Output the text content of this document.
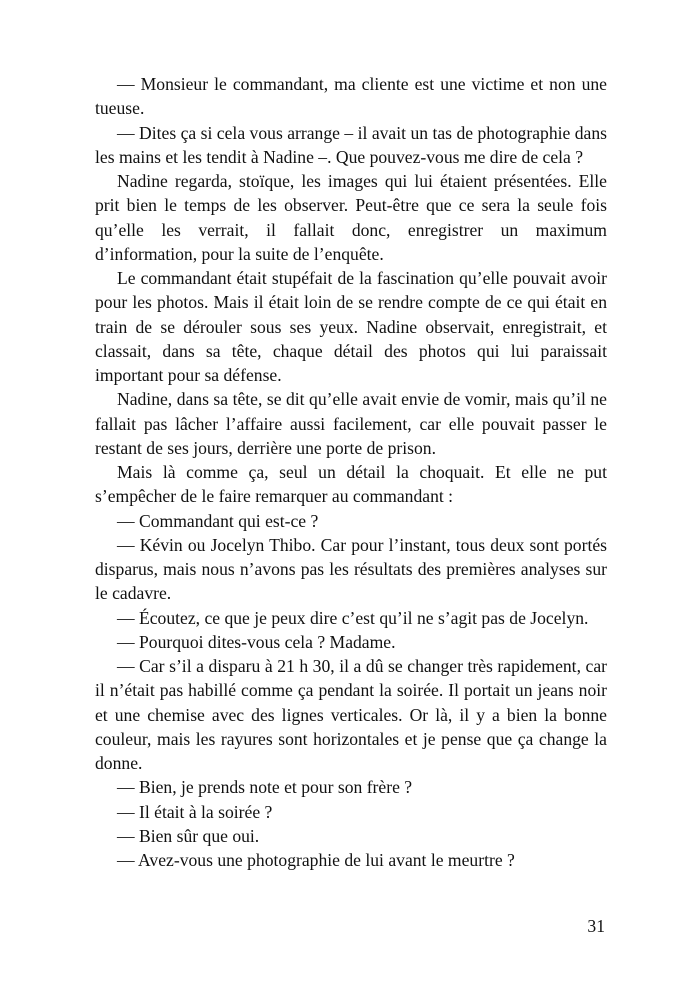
— Monsieur le commandant, ma cliente est une victime et non une tueuse.

— Dites ça si cela vous arrange – il avait un tas de photographie dans les mains et les tendit à Nadine –. Que pouvez-vous me dire de cela ?

Nadine regarda, stoïque, les images qui lui étaient présentées. Elle prit bien le temps de les observer. Peut-être que ce sera la seule fois qu’elle les verrait, il fallait donc, enregistrer un maximum d’information, pour la suite de l’enquête.

Le commandant était stupéfait de la fascination qu’elle pouvait avoir pour les photos. Mais il était loin de se rendre compte de ce qui était en train de se dérouler sous ses yeux. Nadine observait, enregistrait, et classait, dans sa tête, chaque détail des photos qui lui paraissait important pour sa défense.

Nadine, dans sa tête, se dit qu’elle avait envie de vomir, mais qu’il ne fallait pas lâcher l’affaire aussi facilement, car elle pouvait passer le restant de ses jours, derrière une porte de prison.

Mais là comme ça, seul un détail la choquait. Et elle ne put s’empêcher de le faire remarquer au commandant :

— Commandant qui est-ce ?

— Kévin ou Jocelyn Thibo. Car pour l’instant, tous deux sont portés disparus, mais nous n’avons pas les résultats des premières analyses sur le cadavre.

— Écoutez, ce que je peux dire c’est qu’il ne s’agit pas de Jocelyn.

— Pourquoi dites-vous cela ? Madame.

— Car s’il a disparu à 21 h 30, il a dû se changer très rapidement, car il n’était pas habillé comme ça pendant la soirée. Il portait un jeans noir et une chemise avec des lignes verticales. Or là, il y a bien la bonne couleur, mais les rayures sont horizontales et je pense que ça change la donne.

— Bien, je prends note et pour son frère ?

— Il était à la soirée ?

— Bien sûr que oui.

— Avez-vous une photographie de lui avant le meurtre ?

31
